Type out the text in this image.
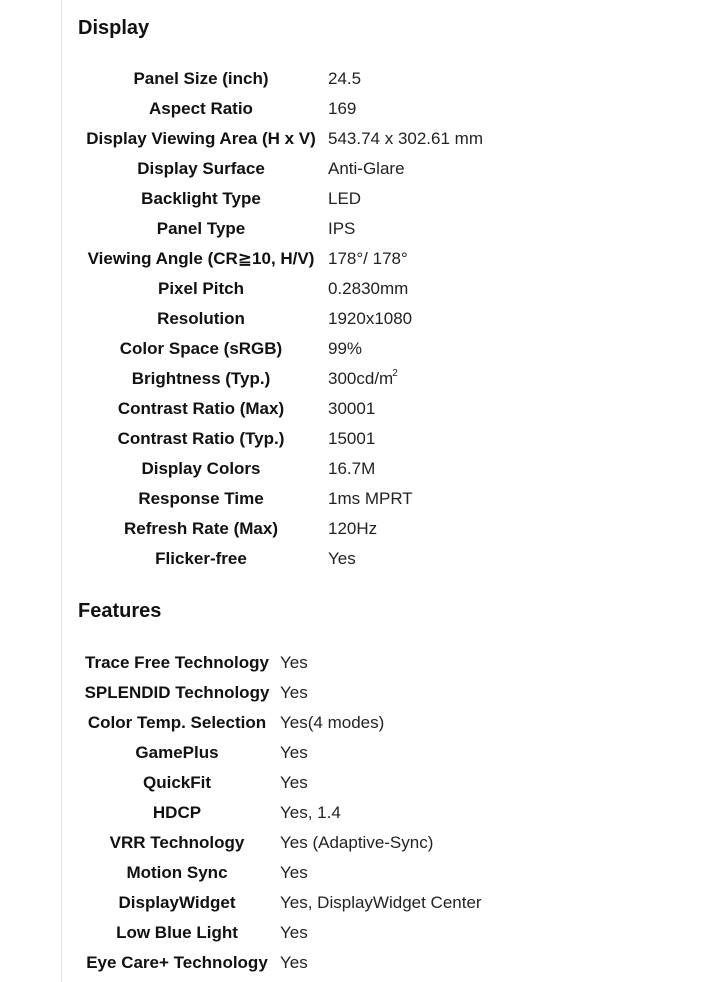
Display
Panel Size (inch)	24.5
Aspect Ratio	169
Display Viewing Area (H x V)	543.74 x 302.61 mm
Display Surface	Anti-Glare
Backlight Type	LED
Panel Type	IPS
Viewing Angle (CR≧10, H/V)	178°/ 178°
Pixel Pitch	0.2830mm
Resolution	1920x1080
Color Space (sRGB)	99%
Brightness (Typ.)	$300cd/m^2$
Contrast Ratio (Max)	30001
Contrast Ratio (Typ.)	15001
Display Colors	16.7M
Response Time	1ms MPRT
Refresh Rate (Max)	120Hz
Flicker-free	Yes
Features
Trace Free Technology	Yes
SPLENDID Technology	Yes
Color Temp. Selection	Yes(4 modes)
GamePlus	Yes
QuickFit	Yes
HDCP	Yes, 1.4
VRR Technology	Yes (Adaptive-Sync)
Motion Sync	Yes
DisplayWidget	Yes, DisplayWidget Center
Low Blue Light	Yes
Eye Care+ Technology	Yes
